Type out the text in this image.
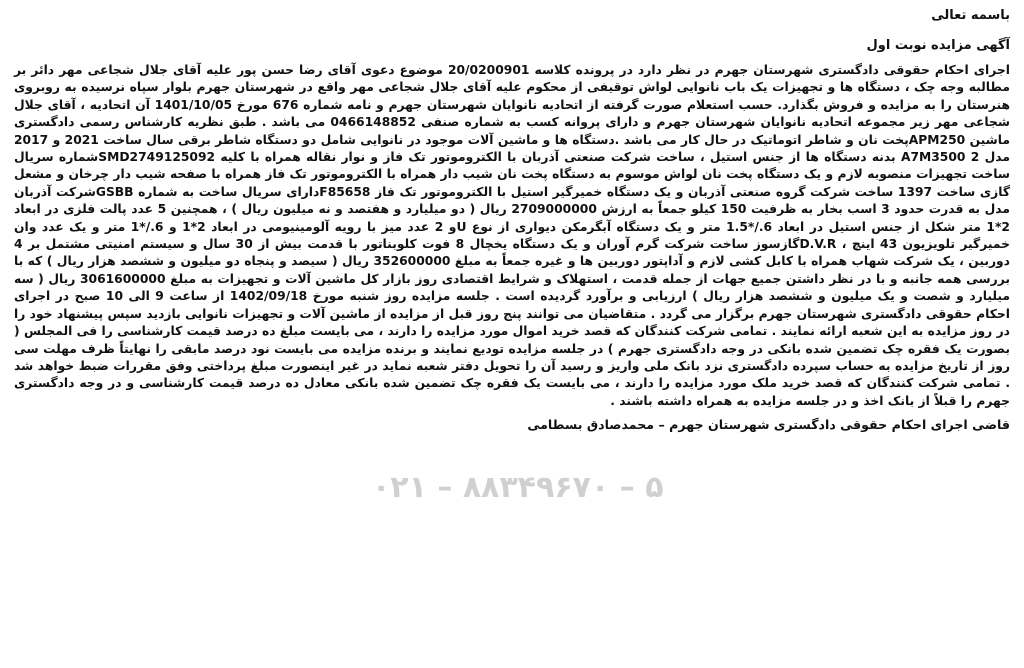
باسمه تعالی
آگهی مزایده نوبت اول

اجرای احکام حقوقی دادگستری شهرستان جهرم در نظر دارد در پرونده کلاسه 20/0200901 موضوع دعوی آقای رضا حسن پور علیه آقای جلال شجاعی مهر دائر بر مطالبه وجه چک ، دستگاه ها و تجهیزات یک باب نانوایی لواش توقیفی از محکوم علیه آقای جلال شجاعی مهر واقع در شهرستان جهرم بلوار سپاه نرسیده به روبروی هنرستان را به مزایده و فروش بگذارد. حسب استعلام صورت گرفته از اتحادیه نانوایان شهرستان جهرم و نامه شماره 676 مورخ 1401/10/05 آن اتحادیه ، آقای جلال شجاعی مهر زیر مجموعه اتحادیه نانوایان شهرستان جهرم و دارای پروانه کسب به شماره صنفی 0466148852 می باشد . طبق نظریه کارشناس رسمی دادگستری ماشین APM250پخت نان و شاطر اتوماتیک در حال کار می باشد .دستگاه ها و ماشین آلات موجود در نانوایی شامل دو دستگاه شاطر برقی سال ساخت 2021 و 2017 مدل A7M3500 2 بدنه دستگاه ها از جنس استیل ، ساخت شرکت صنعتی آذربان با الکتروموتور تک فاز و نوار نقاله همراه با کلیه SMD2749125092شماره سریال ساخت تجهیزات منصوبه لازم و یک دستگاه پخت نان لواش موسوم به دستگاه پخت نان شیب دار همراه با الکتروموتور تک فاز همراه با صفحه شیب دار چرخان و مشعل گازی ساخت 1397 ساخت شرکت گروه صنعتی آذربان و یک دستگاه خمیرگیر استیل با الکتروموتور تک فاز F85658دارای سریال ساخت به شماره GSBBشرکت آذربان مدل به قدرت حدود 3 اسب بخار به ظرفیت 150 کیلو جمعاً به ارزش 2709000000 ریال ( دو میلیارد و هفتصد و نه میلیون ریال ) ، همچنین 5 عدد پالت فلزی در ابعاد 2*1 متر شکل از جنس استیل در ابعاد 6./*1.5 متر و یک دستگاه آبگرمکن دیواری از نوع Uو 2 عدد میز با رویه آلومینیومی در ابعاد 2*1 و 6./*1 متر و یک عدد وان خمیرگیر تلویزیون 43 اینچ ، D.V.Rگازسوز ساخت شرکت گرم آوران و یک دستگاه یخچال 8 فوت کلوبناتور با قدمت بیش از 30 سال و سیستم امنیتی مشتمل بر 4 دوربین ، یک شرکت شهاب همراه با کابل کشی لازم و آداپتور دوربین ها و غیره جمعاً به مبلغ 352600000 ریال ( سیصد و پنجاه دو میلیون و ششصد هزار ریال ) که با بررسی همه جانبه و با در نظر داشتن جمیع جهات از جمله قدمت ، استهلاک و شرایط اقتصادی روز بازار کل ماشین آلات و تجهیزات به مبلغ 3061600000 ریال ( سه میلیارد و شصت و یک میلیون و ششصد هزار ریال ) ارزیابی و برآورد گردیده است . جلسه مزایده روز شنبه مورخ 1402/09/18 از ساعت 9 الی 10 صبح در اجرای احکام حقوقی دادگستری شهرستان جهرم برگزار می گردد . متقاضیان می توانند پنج روز قبل از مزایده از ماشین آلات و تجهیزات نانوایی بازدید سپس پیشنهاد خود را در روز مزایده به این شعبه ارائه نمایند . تمامی شرکت کنندگان که قصد خرید اموال مورد مزایده را دارند ، می بایست مبلغ ده درصد قیمت کارشناسی را فی المجلس ( بصورت یک فقره چک تضمین شده بانکی در وجه دادگستری جهرم ) در جلسه مزایده تودیع نمایند و برنده مزایده می بایست نود درصد مابقی را نهایتاً ظرف مهلت سی روز از تاریخ مزایده به حساب سپرده دادگستری نزد بانک ملی واریز و رسید آن را تحویل دفتر شعبه نماید در غیر اینصورت مبلغ پرداختی وفق مقررات ضبط خواهد شد . تمامی شرکت کنندگان که قصد خرید ملک مورد مزایده را دارند ، می بایست یک فقره چک تضمین شده بانکی معادل ده درصد قیمت کارشناسی و در وجه دادگستری جهرم را قبلاً از بانک اخذ و در جلسه مزایده به همراه داشته باشند .

قاضی اجرای احکام حقوقی دادگستری شهرستان جهرم – محمدصادق بسطامی
۰۲۱ – ۸۸۳۴۹۶۷۰ – ۵
